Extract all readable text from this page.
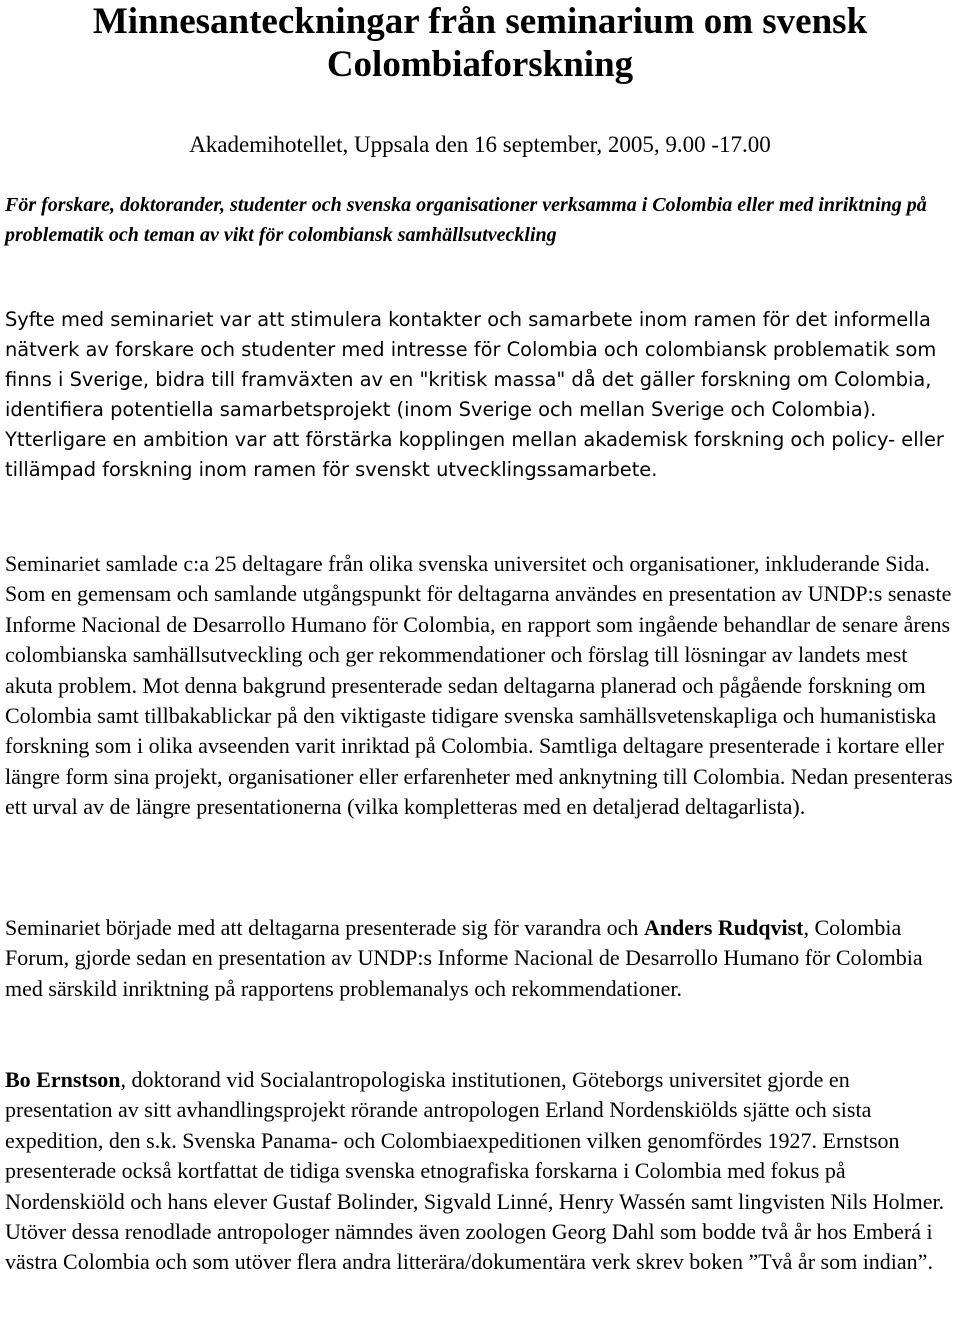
Minnesanteckningar från seminarium om svensk Colombiaforskning
Akademihotellet, Uppsala den 16 september, 2005, 9.00 -17.00
För forskare, doktorander, studenter och svenska organisationer verksamma i Colombia eller med inriktning på problematik och teman av vikt för colombiansk samhällsutveckling
Syfte med seminariet var att stimulera kontakter och samarbete inom ramen för det informella nätverk av forskare och studenter med intresse för Colombia och colombiansk problematik som finns i Sverige, bidra till framväxten av en "kritisk massa" då det gäller forskning om Colombia, identifiera potentiella samarbetsprojekt (inom Sverige och mellan Sverige och Colombia). Ytterligare en ambition var att förstärka kopplingen mellan akademisk forskning och policy- eller tillämpad forskning inom ramen för svenskt utvecklingssamarbete.
Seminariet samlade c:a 25 deltagare från olika svenska universitet och organisationer, inkluderande Sida. Som en gemensam och samlande utgångspunkt för deltagarna användes en presentation av UNDP:s senaste Informe Nacional de Desarrollo Humano för Colombia, en rapport som ingående behandlar de senare årens colombianska samhällsutveckling och ger rekommendationer och förslag till lösningar av landets mest akuta problem. Mot denna bakgrund presenterade sedan deltagarna planerad och pågående forskning om Colombia samt tillbakablickar på den viktigaste tidigare svenska samhällsvetenskapliga och humanistiska forskning som i olika avseenden varit inriktad på Colombia. Samtliga deltagare presenterade i kortare eller längre form sina projekt, organisationer eller erfarenheter med anknytning till Colombia. Nedan presenteras ett urval av de längre presentationerna (vilka kompletteras med en detaljerad deltagarlista).
Seminariet började med att deltagarna presenterade sig för varandra och Anders Rudqvist, Colombia Forum, gjorde sedan en presentation av UNDP:s Informe Nacional de Desarrollo Humano för Colombia med särskild inriktning på rapportens problemanalys och rekommendationer.
Bo Ernstson, doktorand vid Socialantropologiska institutionen, Göteborgs universitet gjorde en presentation av sitt avhandlingsprojekt rörande antropologen Erland Nordenskiölds sjätte och sista expedition, den s.k. Svenska Panama- och Colombiaexpeditionen vilken genomfördes 1927. Ernstson presenterade också kortfattat de tidiga svenska etnografiska forskarna i Colombia med fokus på Nordenskiöld och hans elever Gustaf Bolinder, Sigvald Linné, Henry Wassén samt lingvisten Nils Holmer. Utöver dessa renodlade antropologer nämndes även zoologen Georg Dahl som bodde två år hos Emberá i västra Colombia och som utöver flera andra litterära/dokumentära verk skrev boken ”Två år som indian”.
